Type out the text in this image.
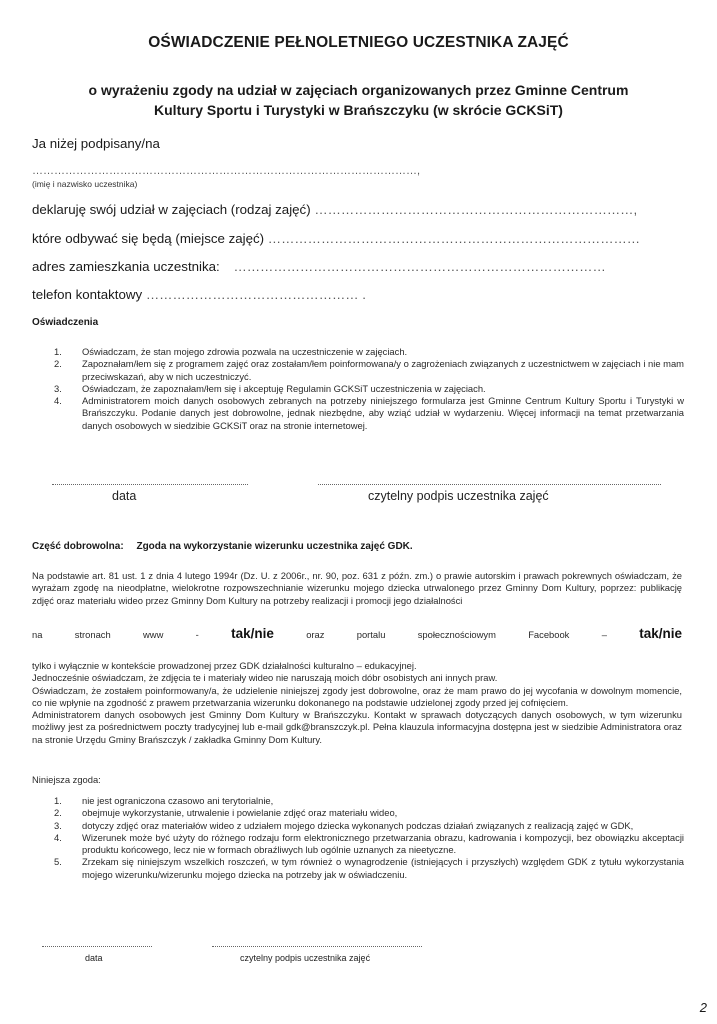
OŚWIADCZENIE PEŁNOLETNIEGO UCZESTNIKA ZAJĘĆ
o wyrażeniu zgody na udział w zajęciach organizowanych przez Gminne Centrum
Kultury Sportu i Turystyki w Brańszczyku (w skrócie GCKSiT)
Ja niżej podpisany/na
……………………………………………………………………………………………,
(imię i nazwisko uczestnika)
deklaruję swój udział w zajęciach (rodzaj zajęć) ………………………………………………………………,
które odbywać się będą (miejsce zajęć) …………………………………………………………………………
adres zamieszkania uczestnika: …………………………………………………………………………
telefon kontaktowy ………………………………………… .
Oświadczenia
1.	Oświadczam, że stan mojego zdrowia pozwala na uczestniczenie w zajęciach.
2.	Zapoznałam/łem się z programem zajęć oraz zostałam/łem poinformowana/y o zagrożeniach związanych z uczestnictwem w zajęciach i nie mam przeciwskazań, aby w nich uczestniczyć.
3.	Oświadczam, że zapoznałam/łem się i akceptuję Regulamin GCKSiT uczestniczenia w zajęciach.
4.	Administratorem moich danych osobowych zebranych na potrzeby niniejszego formularza jest Gminne Centrum Kultury Sportu i Turystyki w Brańszczyku. Podanie danych jest dobrowolne, jednak niezbędne, aby wziąć udział w wydarzeniu. Więcej informacji na temat przetwarzania danych osobowych w siedzibie GCKSiT oraz na stronie internetowej.
data	czytelny podpis uczestnika zajęć
Część dobrowolna: Zgoda na wykorzystanie wizerunku uczestnika zajęć GDK.
Na podstawie art. 81 ust. 1 z dnia 4 lutego 1994r (Dz. U. z 2006r., nr. 90, poz. 631 z późn. zm.) o prawie autorskim i prawach pokrewnych oświadczam, że wyrażam zgodę na nieodpłatne, wielokrotne rozpowszechnianie wizerunku mojego dziecka utrwalonego przez Gminny Dom Kultury, poprzez: publikację zdjęć oraz materiału wideo przez Gminny Dom Kultury na potrzeby realizacji i promocji jego działalności
na	stronach	www	- tak/nie	oraz	portalu	społecznościowym	Facebook	– tak/nie
tylko i wyłącznie w kontekście prowadzonej przez GDK działalności kulturalno – edukacyjnej.
Jednocześnie oświadczam, że zdjęcia te i materiały wideo nie naruszają moich dóbr osobistych ani innych praw.
Oświadczam, że zostałem poinformowany/a, że udzielenie niniejszej zgody jest dobrowolne, oraz że mam prawo do jej wycofania w dowolnym momencie, co nie wpłynie na zgodność z prawem przetwarzania wizerunku dokonanego na podstawie udzielonej zgody przed jej cofnięciem.
Administratorem danych osobowych jest Gminny Dom Kultury w Brańszczyku. Kontakt w sprawach dotyczących danych osobowych, w tym wizerunku możliwy jest za pośrednictwem poczty tradycyjnej lub e-mail gdk@branszczyk.pl. Pełna klauzula informacyjna dostępna jest w siedzibie Administratora oraz na stronie Urzędu Gminy Brańszczyk / zakładka Gminny Dom Kultury.
Niniejsza zgoda:
1.	nie jest ograniczona czasowo ani terytorialnie,
2.	obejmuje wykorzystanie, utrwalenie i powielanie zdjęć oraz materiału wideo,
3.	dotyczy zdjęć oraz materiałów wideo z udziałem mojego dziecka wykonanych podczas działań związanych z realizacją zajęć w GDK,
4.	Wizerunek może być użyty do różnego rodzaju form elektronicznego przetwarzania obrazu, kadrowania i kompozycji, bez obowiązku akceptacji produktu końcowego, lecz nie w formach obraźliwych lub ogólnie uznanych za nieetyczne.
5.	Zrzekam się niniejszym wszelkich roszczeń, w tym również o wynagrodzenie (istniejących i przyszłych) względem GDK z tytułu wykorzystania mojego wizerunku/wizerunku mojego dziecka na potrzeby jak w oświadczeniu.
data	czytelny podpis uczestnika zajęć
2
